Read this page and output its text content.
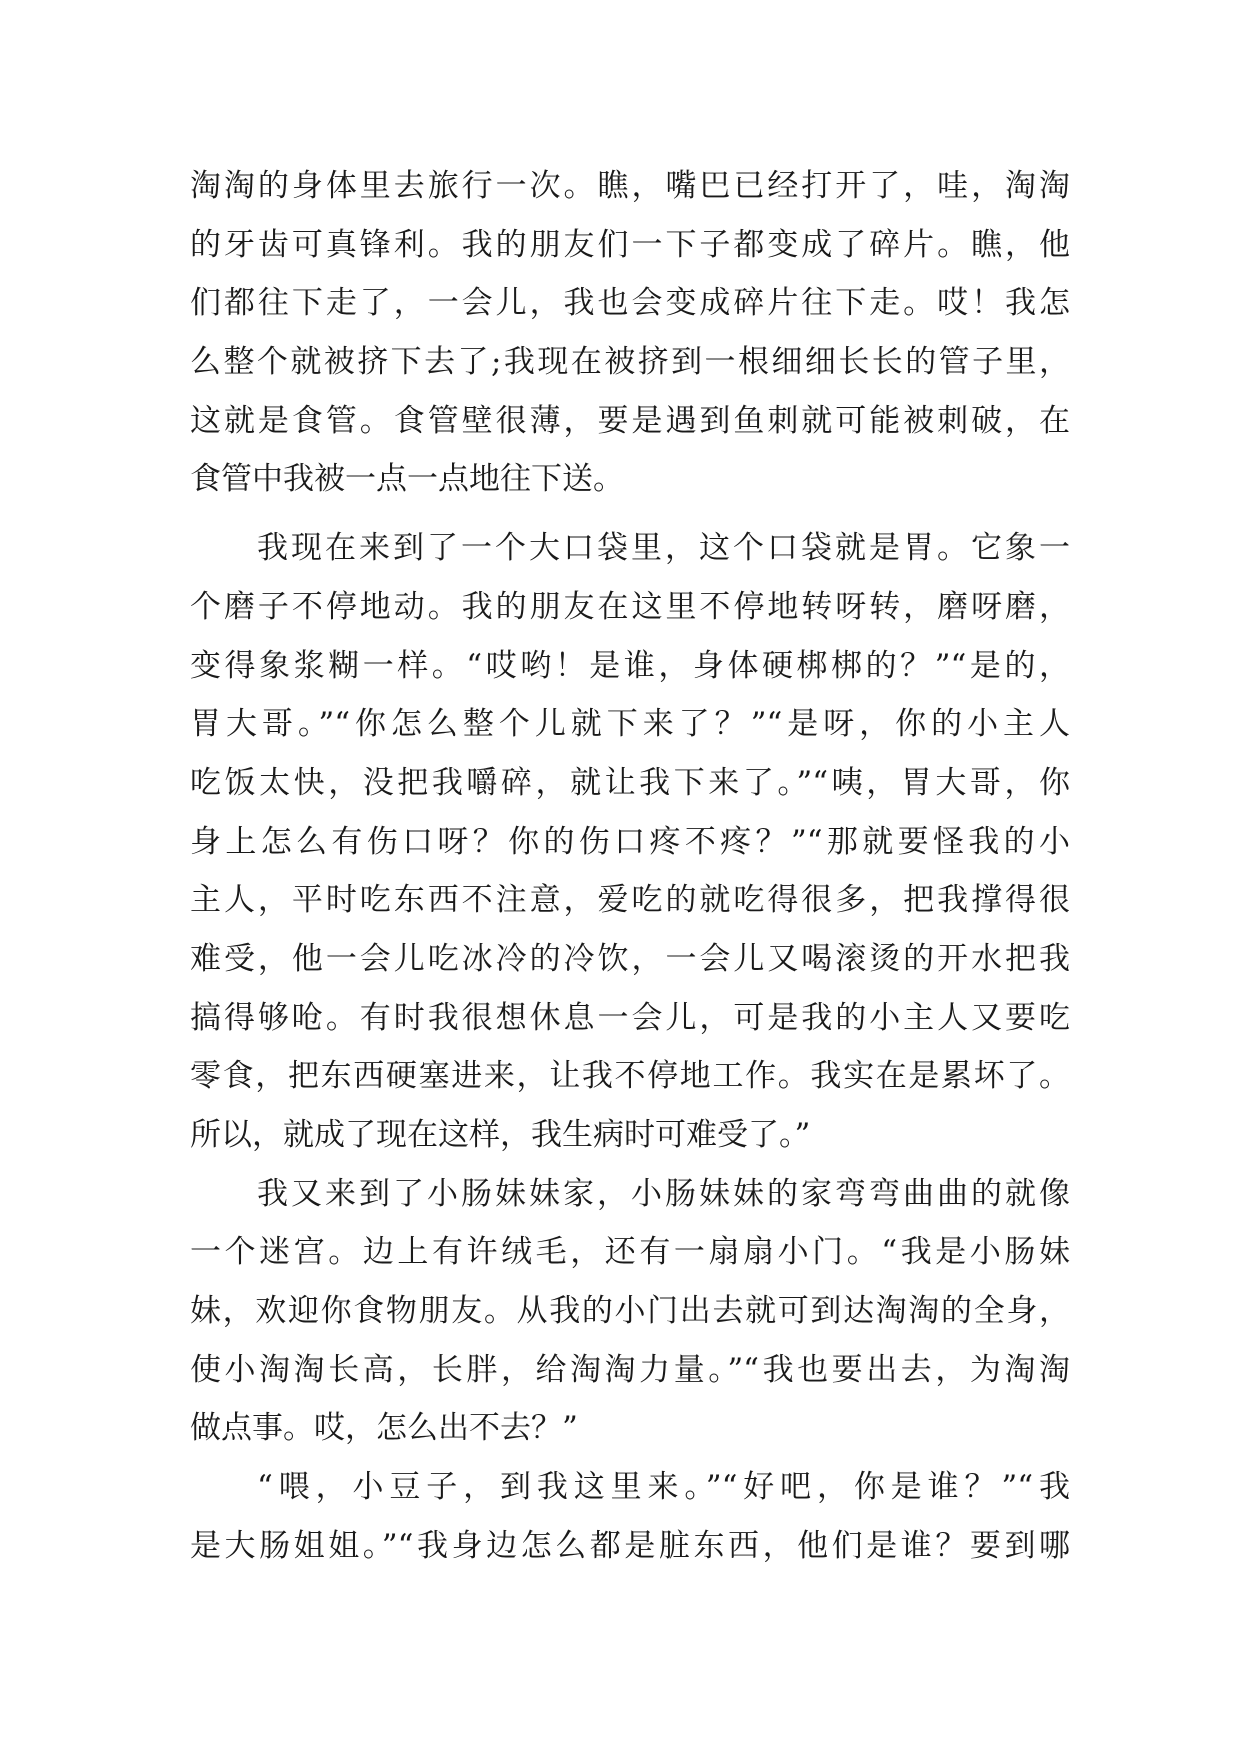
淘淘的身体里去旅行一次。瞧，嘴巴已经打开了，哇，淘淘
的牙齿可真锋利。我的朋友们一下子都变成了碎片。瞧，他
们都往下走了，一会儿，我也会变成碎片往下走。哎！我怎
么整个就被挤下去了;我现在被挤到一根细细长长的管子里，
这就是食管。食管壁很薄，要是遇到鱼刺就可能被刺破，在
食管中我被一点一点地往下送。
我现在来到了一个大口袋里，这个口袋就是胃。它象一
个磨子不停地动。我的朋友在这里不停地转呀转，磨呀磨，
变得象浆糊一样。“哎哟！是谁，身体硬梆梆的？”“是的，
胃大哥。”“你怎么整个儿就下来了？”“是呀，你的小主人
吃饭太快，没把我嚼碎，就让我下来了。”“咦，胃大哥，你
身上怎么有伤口呀？你的伤口疼不疼？”“那就要怪我的小
主人，平时吃东西不注意，爱吃的就吃得很多，把我撑得很
难受，他一会儿吃冰冷的冷饮，一会儿又喝滚烫的开水把我
搞得够呛。有时我很想休息一会儿，可是我的小主人又要吃
零食，把东西硬塞进来，让我不停地工作。我实在是累坏了。
所以，就成了现在这样，我生病时可难受了。”
我又来到了小肠妹妹家，小肠妹妹的家弯弯曲曲的就像
一个迷宫。边上有许绒毛，还有一扇扇小门。“我是小肠妹
妹，欢迎你食物朋友。从我的小门出去就可到达淘淘的全身，
使小淘淘长高，长胖，给淘淘力量。”“我也要出去，为淘淘
做点事。哎，怎么出不去？”
“喂，小豆子，到我这里来。”“好吧，你是谁？”“我
是大肠姐姐。”“我身边怎么都是脏东西，他们是谁？要到哪
